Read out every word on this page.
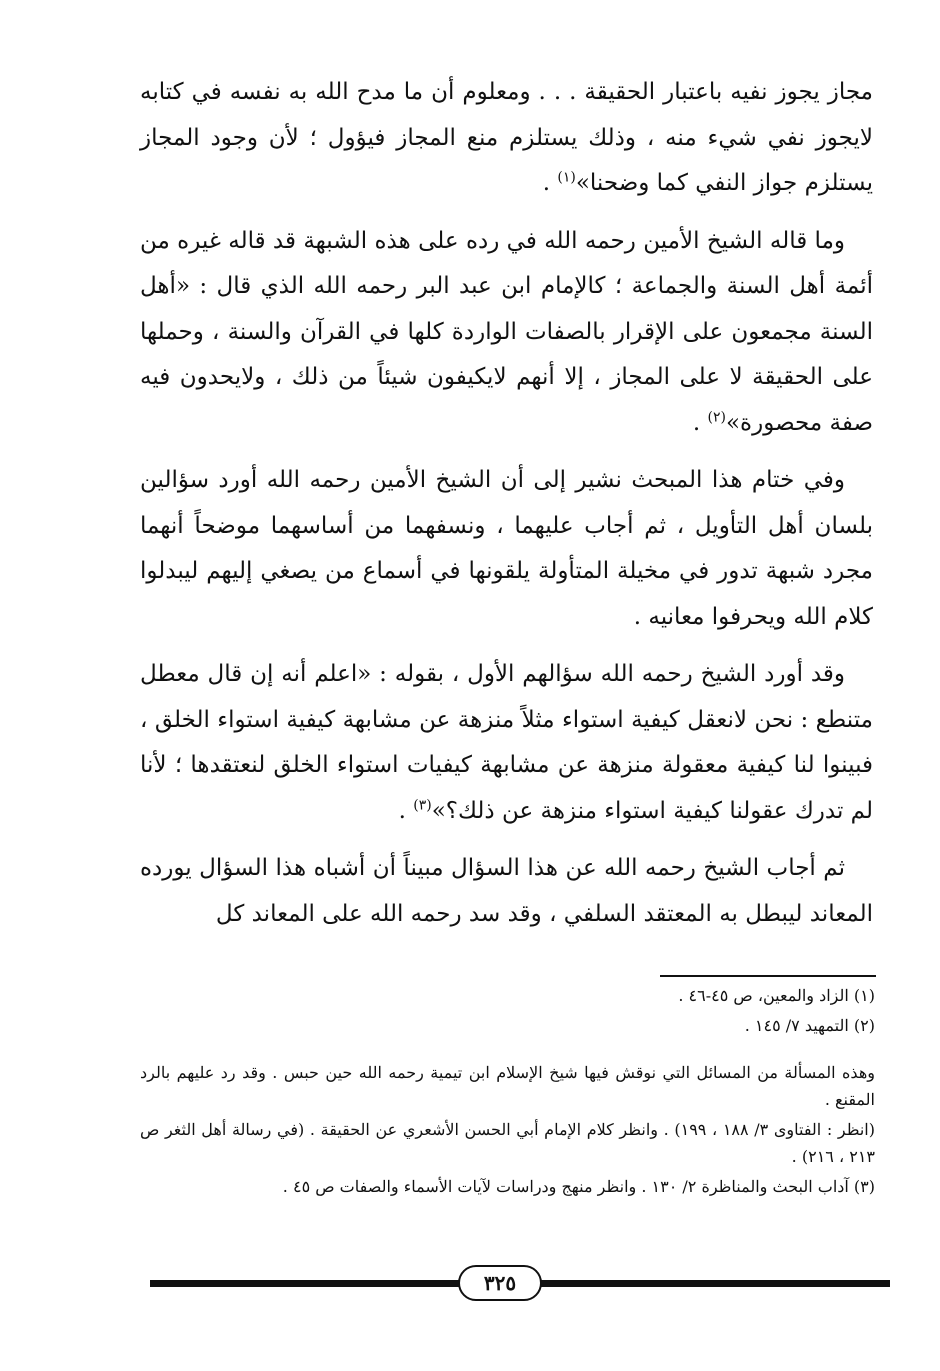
مجاز يجوز نفيه باعتبار الحقيقة . . . ومعلوم أن ما مدح الله به نفسه في كتابه لايجوز نفي شيء منه ، وذلك يستلزم منع المجاز فيؤول ؛ لأن وجود المجاز يستلزم جواز النفي كما وضحنا»$^{(١)}$ .

وما قاله الشيخ الأمين رحمه الله في رده على هذه الشبهة قد قاله غيره من أئمة أهل السنة والجماعة ؛ كالإمام ابن عبد البر رحمه الله الذي قال : «أهل السنة مجمعون على الإقرار بالصفات الواردة كلها في القرآن والسنة ، وحملها على الحقيقة لا على المجاز ، إلا أنهم لايكيفون شيئاً من ذلك ، ولايحدون فيه صفة محصورة»$^{(٢)}$ .

وفي ختام هذا المبحث نشير إلى أن الشيخ الأمين رحمه الله أورد سؤالين بلسان أهل التأويل ، ثم أجاب عليهما ، ونسفهما من أساسهما موضحاً أنهما مجرد شبهة تدور في مخيلة المتأولة يلقونها في أسماع من يصغي إليهم ليبدلوا كلام الله ويحرفوا معانيه .

وقد أورد الشيخ رحمه الله سؤالهم الأول ، بقوله : «اعلم أنه إن قال معطل متنطع : نحن لانعقل كيفية استواء مثلاً منزهة عن مشابهة كيفية استواء الخلق ، فبينوا لنا كيفية معقولة منزهة عن مشابهة كيفيات استواء الخلق لنعتقدها ؛ لأنا لم تدرك عقولنا كيفية استواء منزهة عن ذلك؟»$^{(٣)}$ .

ثم أجاب الشيخ رحمه الله عن هذا السؤال مبيناً أن أشباه هذا السؤال يورده المعاند ليبطل به المعتقد السلفي ، وقد سد رحمه الله على المعاند كل

(١) الزاد والمعين، ص ٤٥-٤٦ .

(٢) التمهيد ٧/ ١٤٥ .

وهذه المسألة من المسائل التي نوقش فيها شيخ الإسلام ابن تيمية رحمه الله حين حبس . وقد رد عليهم بالرد المقنع .

(انظر : الفتاوى ٣/ ١٨٨ ، ١٩٩) . وانظر كلام الإمام أبي الحسن الأشعري عن الحقيقة . (في رسالة أهل الثغر ص ٢١٣ ، ٢١٦) .

(٣) آداب البحث والمناظرة ٢/ ١٣٠ . وانظر منهج ودراسات لآيات الأسماء والصفات ص ٤٥ .

٣٢٥
